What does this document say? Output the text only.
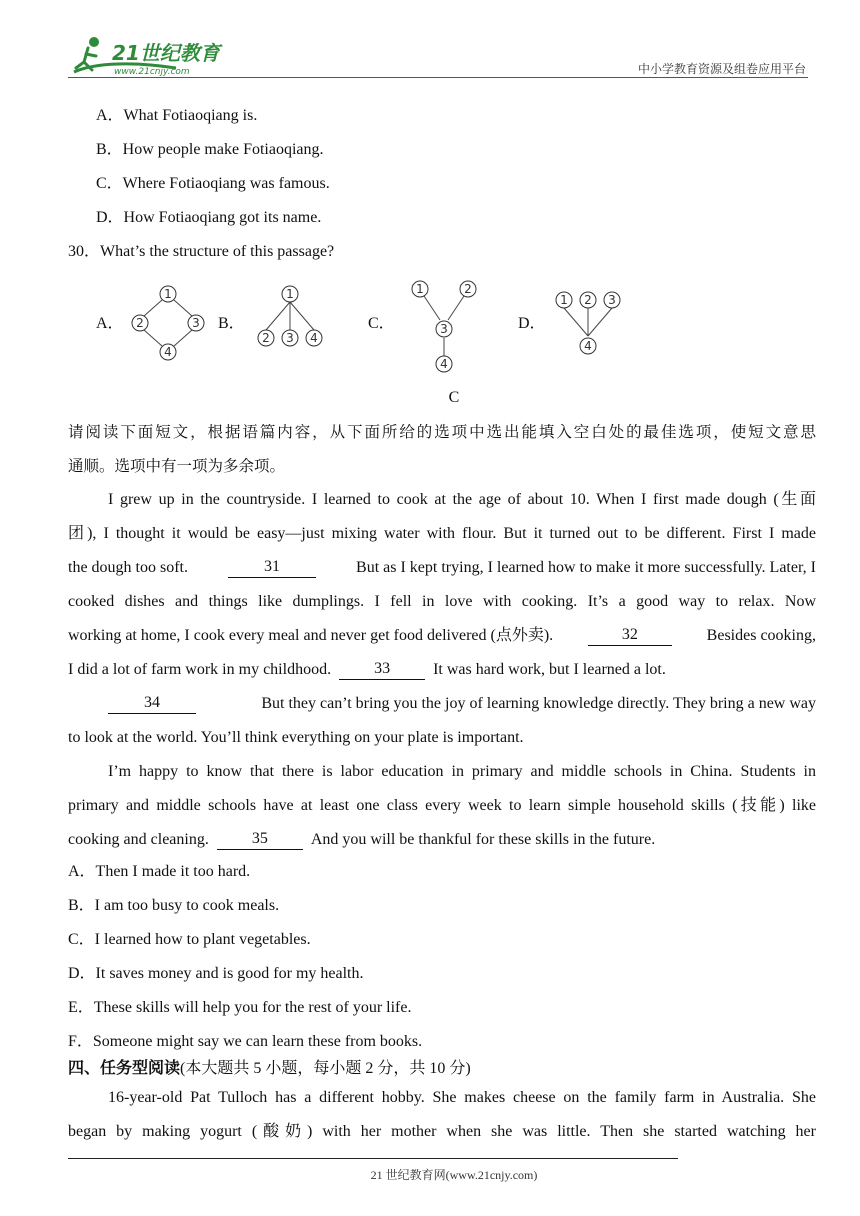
21世纪教育
www.21cnjy.com	中小学教育资源及组卷应用平台
A．What Fotiaoqiang is.
B．How people make Fotiaoqiang.
C．Where Fotiaoqiang was famous.
D．How Fotiaoqiang got its name.
30．What’s the structure of this passage?
A．
1
2	3
4
B．
1
2 3 4
C．
1	2
3
4
D．
1 2 3
4
C
请阅读下面短文，根据语篇内容，从下面所给的选项中选出能填入空白处的最佳选项，使短文意思
通顺。选项中有一项为多余项。
I grew up in the countryside. I learned to cook at the age of about 10. When I first made dough (生面
团), I thought it would be easy—just mixing water with flour. But it turned out to be different. First I made
the dough too soft.	31	But as I kept trying, I learned how to make it more successfully. Later, I
cooked dishes and things like dumplings. I fell in love with cooking. It’s a good way to relax. Now
working at home, I cook every meal and never get food delivered (点外卖).	32	Besides cooking,
I did a lot of farm work in my childhood.	33	It was hard work, but I learned a lot.
34	But they can’t bring you the joy of learning knowledge directly. They bring a new way
to look at the world. You’ll think everything on your plate is important.
I’m happy to know that there is labor education in primary and middle schools in China. Students in
primary and middle schools have at least one class every week to learn simple household skills (技能) like
cooking and cleaning.	35	And you will be thankful for these skills in the future.
A．Then I made it too hard.
B．I am too busy to cook meals.
C．I learned how to plant vegetables.
D．It saves money and is good for my health.
E．These skills will help you for the rest of your life.
F．Someone might say we can learn these from books.
四、任务型阅读(本大题共 5 小题，每小题 2 分，共 10 分)
16-year-old Pat Tulloch has a different hobby. She makes cheese on the family farm in Australia. She
began by making yogurt (酸奶) with her mother when she was little. Then she started watching her
21 世纪教育网(www.21cnjy.com)
